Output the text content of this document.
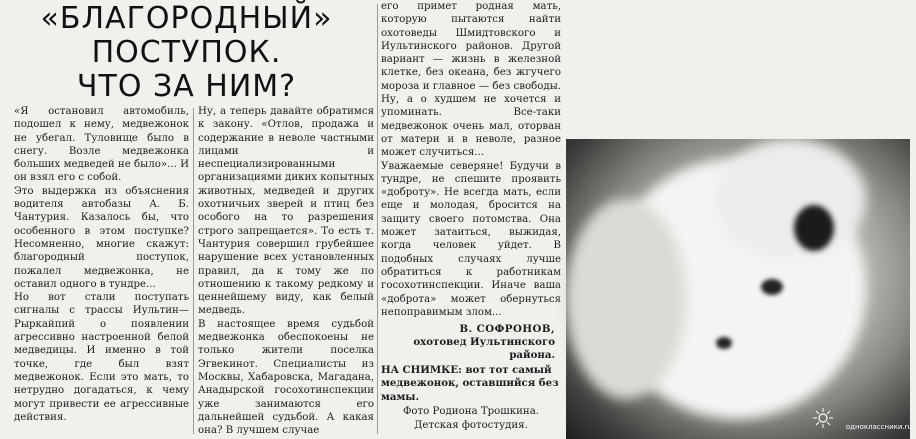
«БЛАГОРОДНЫЙ»
ПОСТУПОК.
ЧТО ЗА НИМ?
«Я остановил автомобиль, подошел к нему, медвежонок не убегал. Туловище было в снегу. Возле медвежонка больших медведей не было»... И он взял его с собой.
Это выдержка из объяснения водителя автобазы А. Б. Чантурия. Казалось бы, что особенного в этом поступке? Несомненно, многие скажут: благородный поступок, пожалел медвежонка, не оставил одного в тундре...
Но вот стали поступать сигналы с трассы Иультин—Рыркайпий о появлении агрессивно настроенной белой медведицы. И именно в той точке, где был взят медвежонок. Если это мать, то нетрудно догадаться, к чему могут привести ее агрессивные действия.
Ну, а теперь давайте обратимся к закону. «Отлов, продажа и содержание в неволе частными лицами и неспециализированными организациями диких копытных животных, медведей и других охотничьих зверей и птиц без особого на то разрешения строго запрещается». То есть т. Чантурия совершил грубейшее нарушение всех установленных правил, да к тому же по отношению к такому редкому и ценнейшему виду, как белый медведь.
В настоящее время судьбой медвежонка обеспокоены не только жители поселка Эгвекинот. Специалисты из Москвы, Хабаровска, Магадана, Анадырской госохотинспекции уже занимаются его дальнейшей судьбой. А какая она? В лучшем случае
его примет родная мать, которую пытаются найти охотоведы Шмидтовского и Иультинского районов. Другой вариант — жизнь в железной клетке, без океана, без жгучего мороза и главное — без свободы. Ну, а о худшем не хочется и упоминать. Все-таки медвежонок очень мал, оторван от матери и в неволе, разное может случиться...
Уважаемые северяне! Будучи в тундре, не спешите проявить «доброту». Не всегда мать, если еще и молодая, бросится на защиту своего потомства. Она может затаиться, выжидая, когда человек уйдет. В подобных случаях лучше обратиться к работникам госохотинспекции. Иначе ваша «доброта» может обернуться непоправимым злом...
В. СОФРОНОВ,
охотовед Иультинского
района.
НА СНИМКЕ: вот тот самый медвежонок, оставшийся без мамы.
Фото Родиона Трошкина.
Детская фотостудия.	одноклассники.ru
